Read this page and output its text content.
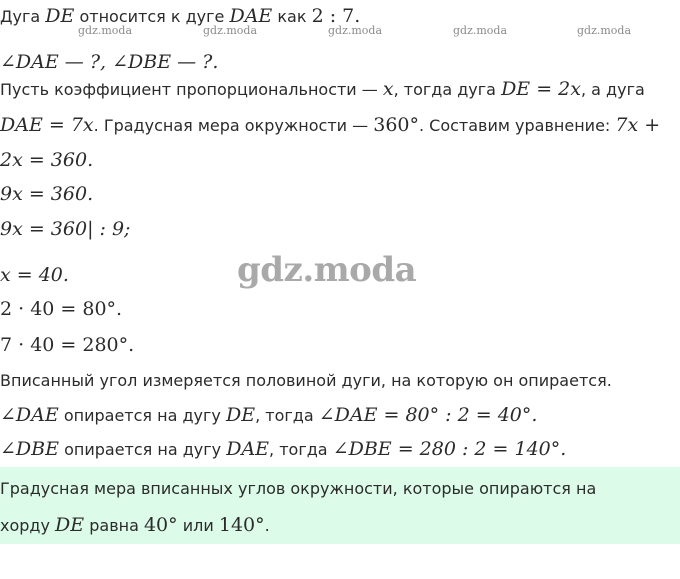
gdz.moda	gdz.moda	gdz.moda	gdz.moda	gdz.moda
Дуга DE относится к дуге DAE как 2 : 7.
∠DAE — ?, ∠DBE — ?.
Пусть коэффициент пропорциональности — x, тогда дуга DE = 2x, а дуга
DAE = 7x. Градусная мера окружности — 360°. Составим уравнение: 7x +
2x = 360.
9x = 360.
9x = 360| : 9;
gdz.moda
x = 40.
2 · 40 = 80°.
7 · 40 = 280°.
Вписанный угол измеряется половиной дуги, на которую он опирается.
∠DAE опирается на дугу DE, тогда ∠DAE = 80° : 2 = 40°.
∠DBE опирается на дугу DAE, тогда ∠DBE = 280 : 2 = 140°.
Градусная мера вписанных углов окружности, которые опираются на
хорду DE равна 40° или 140°.
